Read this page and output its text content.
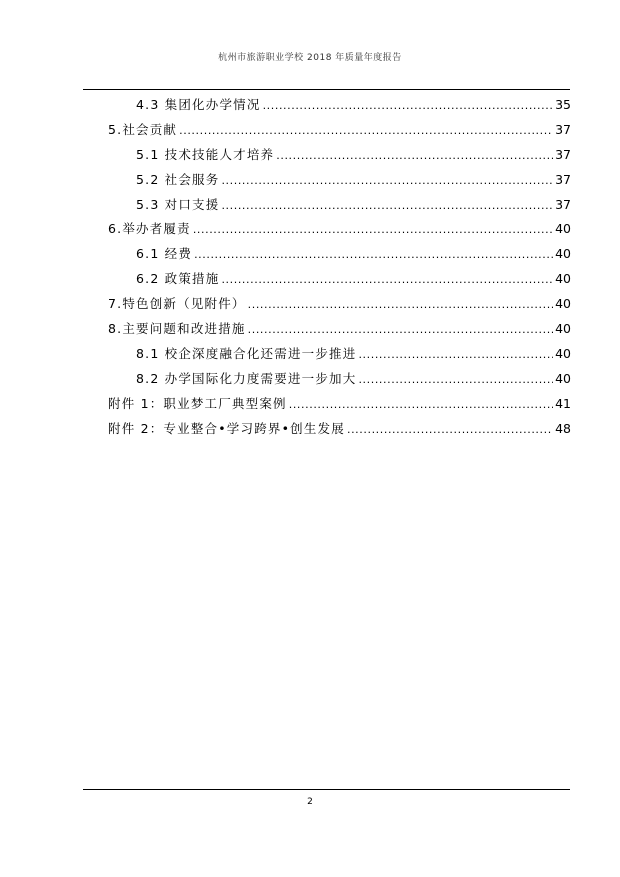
杭州市旅游职业学校 2018 年质量年度报告
4.3 集团化办学情况 .....	35
5.社会贡献 .....	37
5.1 技术技能人才培养 .....	37
5.2 社会服务 .....	37
5.3 对口支援 .....	37
6.举办者履责 .....	40
6.1 经费 .....	40
6.2 政策措施 .....	40
7.特色创新（见附件） .....	40
8.主要问题和改进措施 .....	40
8.1 校企深度融合化还需进一步推进 .....	40
8.2 办学国际化力度需要进一步加大 .....	40
附件 1：职业梦工厂典型案例 .....	41
附件 2：专业整合•学习跨界•创生发展 .....	48
2
